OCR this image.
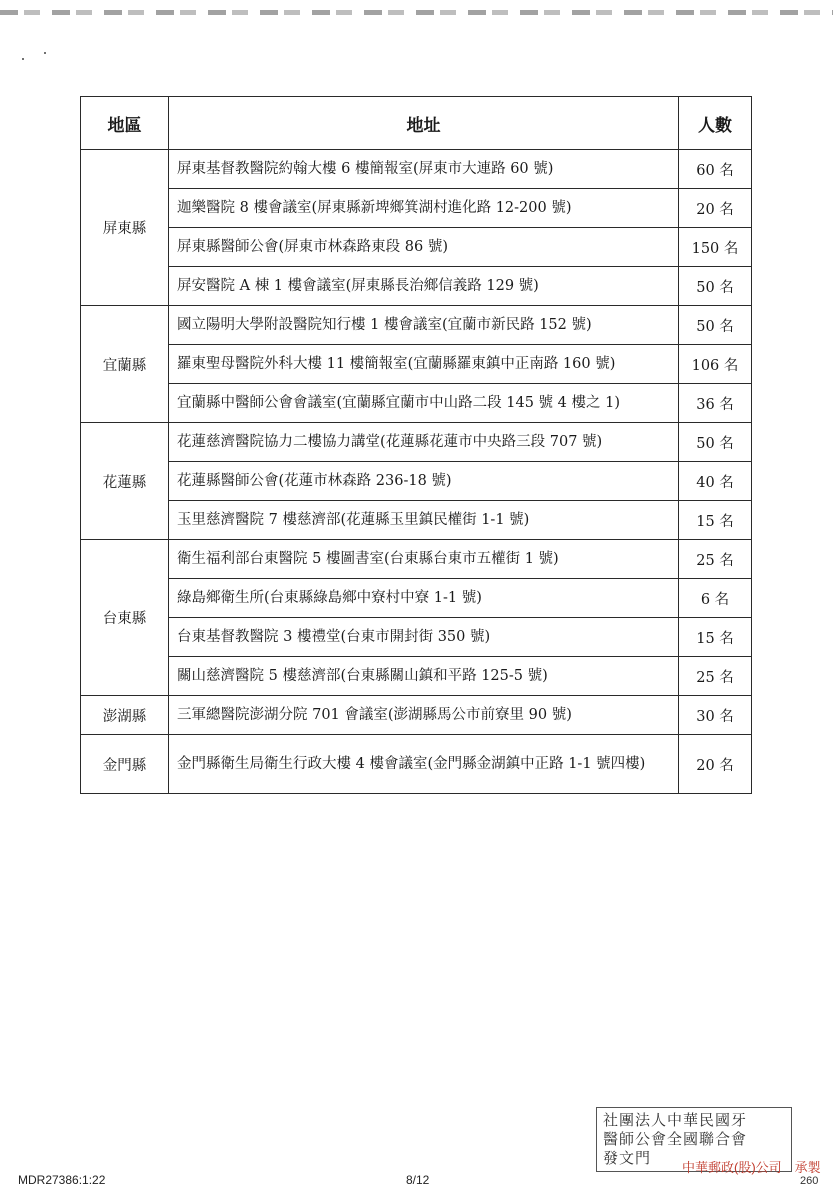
地區	地址	人數
屏東縣	屏東基督教醫院約翰大樓 6 樓簡報室(屏東市大連路 60 號)	60 名
	迦樂醫院 8 樓會議室(屏東縣新埤鄉箕湖村進化路 12-200 號)	20 名
	屏東縣醫師公會(屏東市林森路東段 86 號)	150 名
	屏安醫院 A 棟 1 樓會議室(屏東縣長治鄉信義路 129 號)	50 名
宜蘭縣	國立陽明大學附設醫院知行樓 1 樓會議室(宜蘭市新民路 152 號)	50 名
	羅東聖母醫院外科大樓 11 樓簡報室(宜蘭縣羅東鎮中正南路 160 號)	106 名
	宜蘭縣中醫師公會會議室(宜蘭縣宜蘭市中山路二段 145 號 4 樓之 1)	36 名
花蓮縣	花蓮慈濟醫院協力二樓協力講堂(花蓮縣花蓮市中央路三段 707 號)	50 名
	花蓮縣醫師公會(花蓮市林森路 236-18 號)	40 名
	玉里慈濟醫院 7 樓慈濟部(花蓮縣玉里鎮民權街 1-1 號)	15 名
台東縣	衛生福利部台東醫院 5 樓圖書室(台東縣台東市五權街 1 號)	25 名
	綠島鄉衛生所(台東縣綠島鄉中寮村中寮 1-1 號)	6 名
	台東基督教醫院 3 樓禮堂(台東市開封街 350 號)	15 名
	關山慈濟醫院 5 樓慈濟部(台東縣關山鎮和平路 125-5 號)	25 名
澎湖縣	三軍總醫院澎湖分院 701 會議室(澎湖縣馬公市前寮里 90 號)	30 名
金門縣	金門縣衛生局衛生行政大樓 4 樓會議室(金門縣金湖鎮中正路 1-1 號四樓)	20 名
MDR27386:1:22	8/12
社團法人中華民國牙
醫師公會全國聯合會
發文門
中華郵政(股)公司　承製
260
